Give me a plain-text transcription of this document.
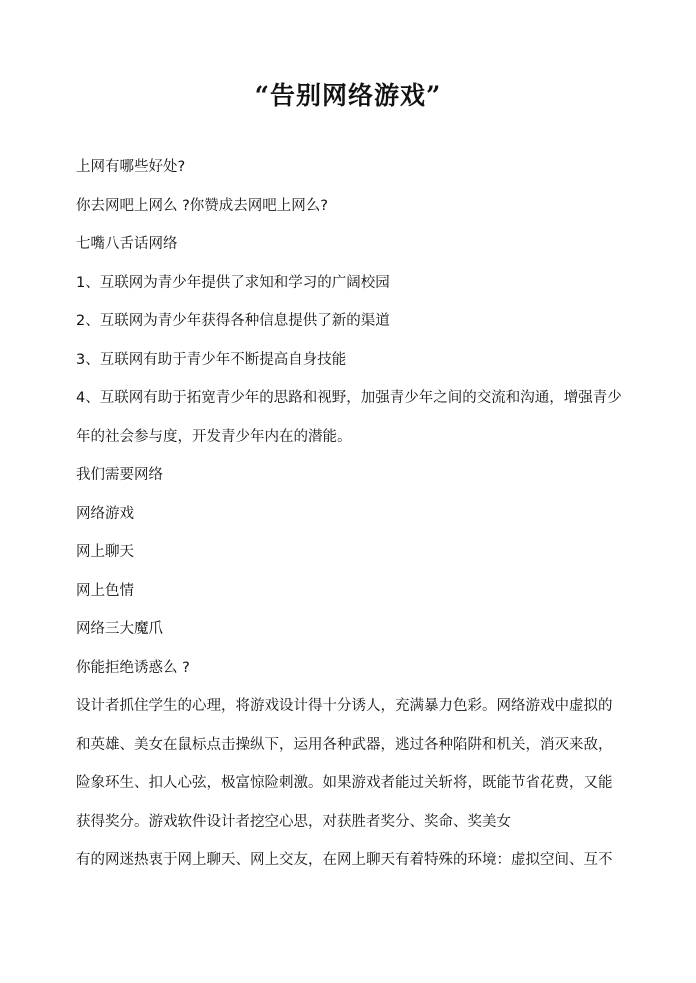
“告别网络游戏”
上网有哪些好处?
你去网吧上网么 ?你赞成去网吧上网么?
七嘴八舌话网络
1、互联网为青少年提供了求知和学习的广阔校园
2、互联网为青少年获得各种信息提供了新的渠道
3、互联网有助于青少年不断提高自身技能
4、互联网有助于拓宽青少年的思路和视野，加强青少年之间的交流和沟通，增强青少
年的社会参与度，开发青少年内在的潜能。
我们需要网络
网络游戏
网上聊天
网上色情
网络三大魔爪
你能拒绝诱惑么 ?
设计者抓住学生的心理，将游戏设计得十分诱人，充满暴力色彩。网络游戏中虚拟的
和英雄、美女在鼠标点击操纵下，运用各种武器，逃过各种陷阱和机关，消灭来敌，
险象环生、扣人心弦，极富惊险刺激。如果游戏者能过关斩将，既能节省花费，又能
获得奖分。游戏软件设计者挖空心思，对获胜者奖分、奖命、奖美女
有的网迷热衷于网上聊天、网上交友，在网上聊天有着特殊的环境：虚拟空间、互不
